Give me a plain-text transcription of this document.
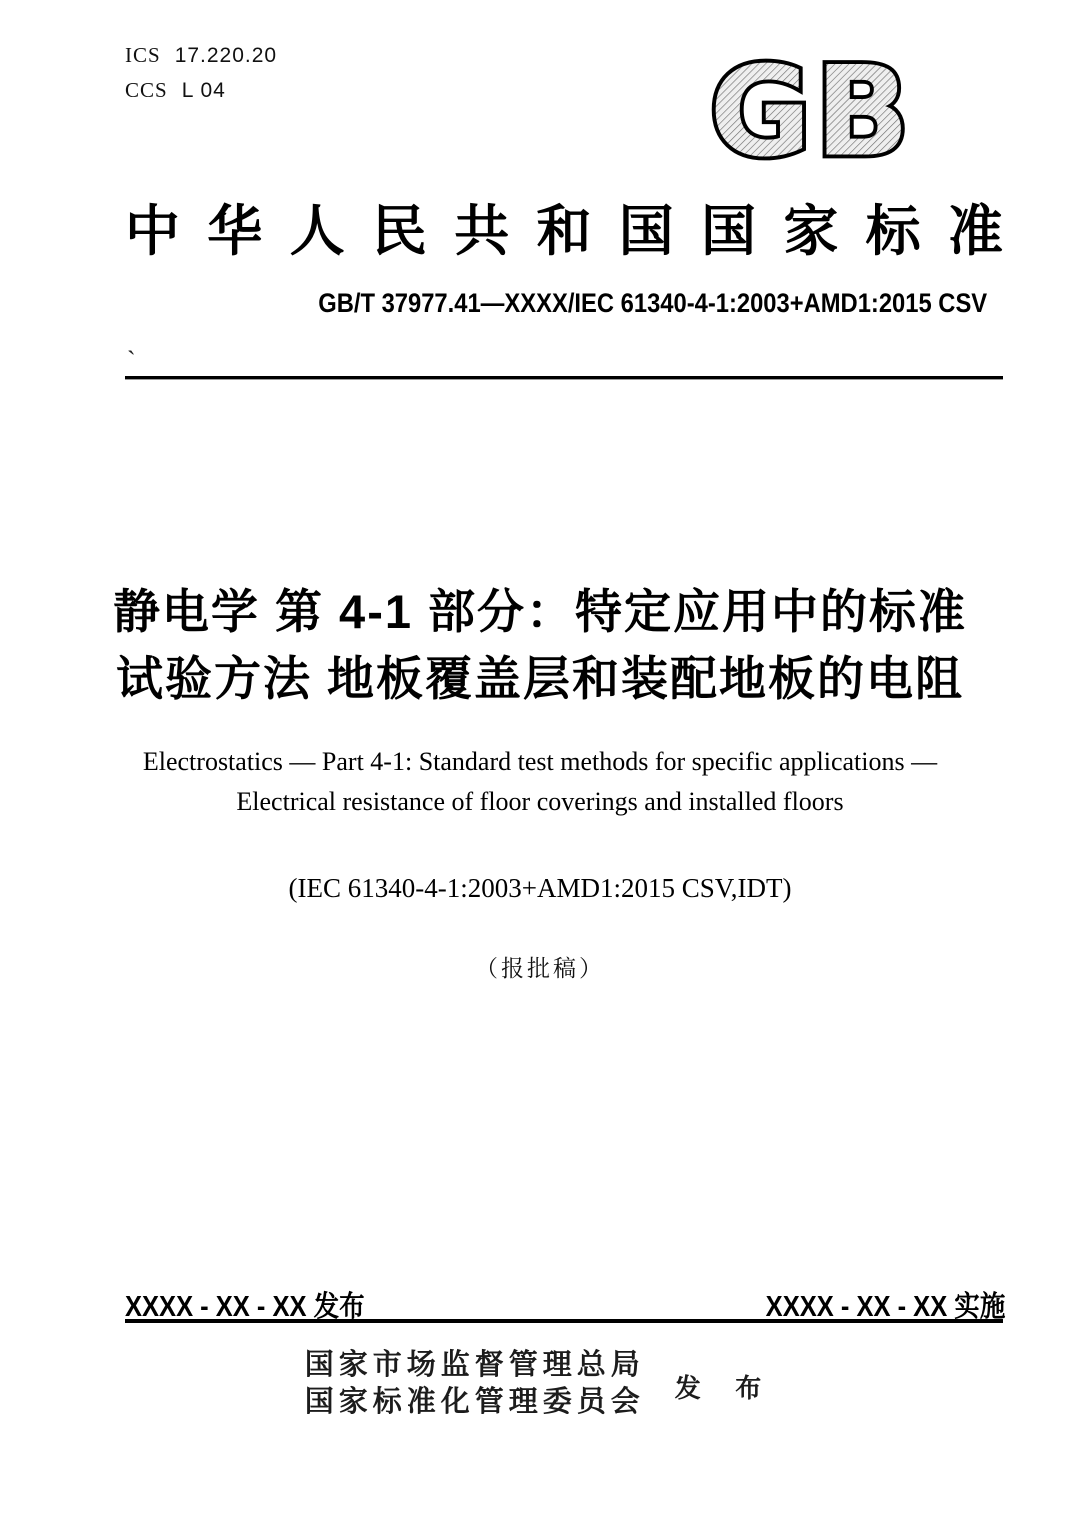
ICS 17.220.20
CCS L 04	GB
中华人民共和国国家标准
GB/T 37977.41—XXXX/IEC 61340-4-1:2003+AMD1:2015 CSV
`
静电学 第 4-1 部分：特定应用中的标准
试验方法 地板覆盖层和装配地板的电阻
Electrostatics — Part 4-1: Standard test methods for specific applications —
Electrical resistance of floor coverings and installed floors
(IEC 61340-4-1:2003+AMD1:2015 CSV,IDT)
（报批稿）
XXXX - XX - XX 发布	XXXX - XX - XX 实施
国家市场监督管理总局
国家标准化管理委员会 发 布
